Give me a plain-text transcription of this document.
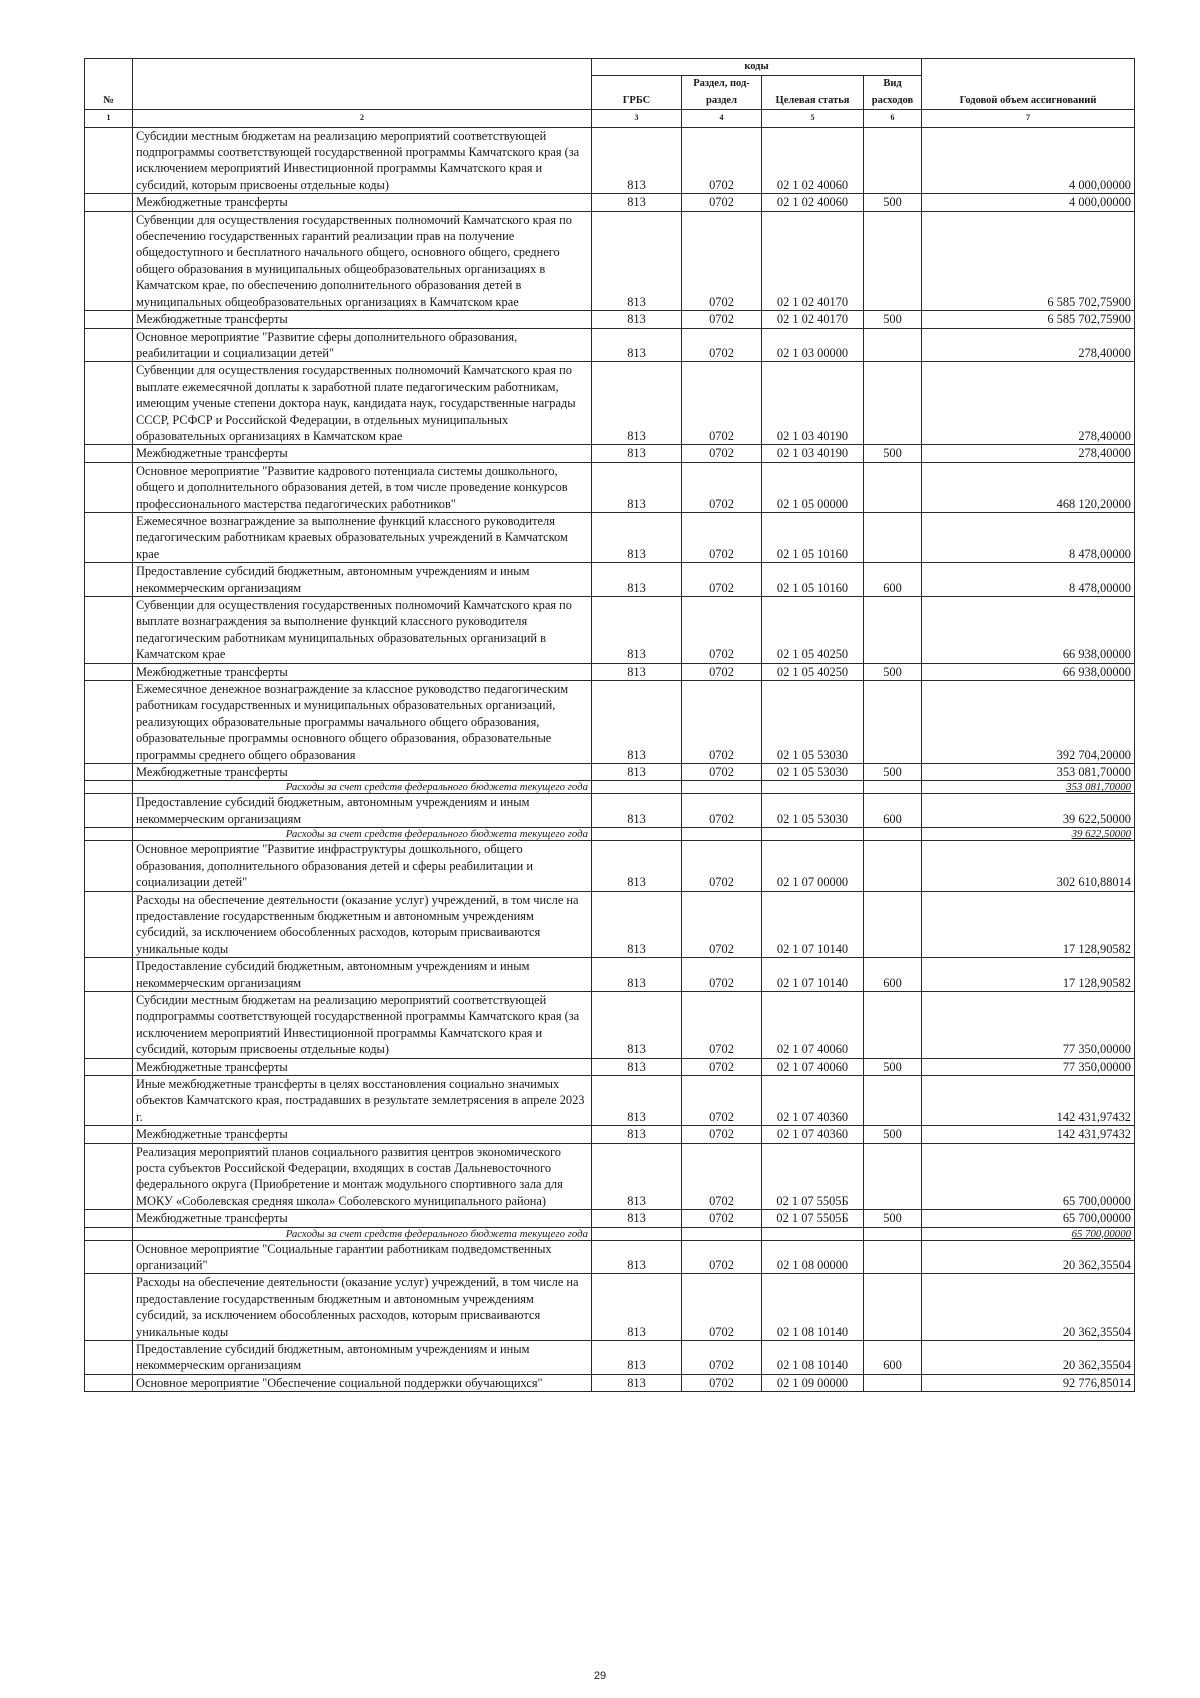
№		коды				Годовой объем ассигнований
		ГРБС	Раздел, под-раздел	Целевая статья	Вид расходов	
1	2	3	4	5	6	7
	Субсидии местным бюджетам на реализацию мероприятий соответствующей подпрограммы соответствующей государственной программы Камчатского края (за исключением мероприятий Инвестиционной программы Камчатского края и субсидий, которым присвоены отдельные коды)	813	0702	02 1 02 40060		4 000,00000
	Межбюджетные трансферты	813	0702	02 1 02 40060	500	4 000,00000
	Субвенции для осуществления государственных полномочий Камчатского края по обеспечению государственных гарантий реализации прав на получение общедоступного и бесплатного начального общего, основного общего, среднего общего образования в муниципальных общеобразовательных организациях в Камчатском крае, по обеспечению дополнительного образования детей в муниципальных общеобразовательных организациях в Камчатском крае	813	0702	02 1 02 40170		6 585 702,75900
	Межбюджетные трансферты	813	0702	02 1 02 40170	500	6 585 702,75900
	Основное мероприятие "Развитие сферы дополнительного образования, реабилитации и социализации детей"	813	0702	02 1 03 00000		278,40000
	Субвенции для осуществления государственных полномочий Камчатского края по выплате ежемесячной доплаты к заработной плате педагогическим работникам, имеющим ученые степени доктора наук, кандидата наук, государственные награды СССР, РСФСР и Российской Федерации, в отдельных муниципальных образовательных организациях в Камчатском крае	813	0702	02 1 03 40190		278,40000
	Межбюджетные трансферты	813	0702	02 1 03 40190	500	278,40000
	Основное мероприятие "Развитие кадрового потенциала системы дошкольного, общего и дополнительного образования детей, в том числе проведение конкурсов профессионального мастерства педагогических работников"	813	0702	02 1 05 00000		468 120,20000
	Ежемесячное вознаграждение за выполнение функций классного руководителя педагогическим работникам краевых образовательных учреждений в Камчатском крае	813	0702	02 1 05 10160		8 478,00000
	Предоставление субсидий бюджетным, автономным учреждениям и иным некоммерческим организациям	813	0702	02 1 05 10160	600	8 478,00000
	Субвенции для осуществления государственных полномочий Камчатского края по выплате вознаграждения за выполнение функций классного руководителя педагогическим работникам муниципальных образовательных организаций в Камчатском крае	813	0702	02 1 05 40250		66 938,00000
	Межбюджетные трансферты	813	0702	02 1 05 40250	500	66 938,00000
	Ежемесячное денежное вознаграждение за классное руководство педагогическим работникам государственных и муниципальных образовательных организаций, реализующих образовательные программы начального общего образования, образовательные программы основного общего образования, образовательные программы среднего общего образования	813	0702	02 1 05 53030		392 704,20000
	Межбюджетные трансферты	813	0702	02 1 05 53030	500	353 081,70000
	Расходы за счет средств федерального бюджета текущего года					353 081,70000
	Предоставление субсидий бюджетным, автономным учреждениям и иным некоммерческим организациям	813	0702	02 1 05 53030	600	39 622,50000
	Расходы за счет средств федерального бюджета текущего года					39 622,50000
	Основное мероприятие "Развитие инфраструктуры дошкольного, общего образования, дополнительного образования детей и сферы реабилитации и социализации детей"	813	0702	02 1 07 00000		302 610,88014
	Расходы на обеспечение деятельности (оказание услуг) учреждений, в том числе на предоставление государственным бюджетным и автономным учреждениям субсидий, за исключением обособленных расходов, которым присваиваются уникальные коды	813	0702	02 1 07 10140		17 128,90582
	Предоставление субсидий бюджетным, автономным учреждениям и иным некоммерческим организациям	813	0702	02 1 07 10140	600	17 128,90582
	Субсидии местным бюджетам на реализацию мероприятий соответствующей подпрограммы соответствующей государственной программы Камчатского края (за исключением мероприятий Инвестиционной программы Камчатского края и субсидий, которым присвоены отдельные коды)	813	0702	02 1 07 40060		77 350,00000
	Межбюджетные трансферты	813	0702	02 1 07 40060	500	77 350,00000
	Иные межбюджетные трансферты в целях восстановления социально значимых объектов Камчатского края, пострадавших в результате землетрясения в апреле 2023 г.	813	0702	02 1 07 40360		142 431,97432
	Межбюджетные трансферты	813	0702	02 1 07 40360	500	142 431,97432
	Реализация мероприятий планов социального развития центров экономического роста субъектов Российской Федерации, входящих в состав Дальневосточного федерального округа (Приобретение и монтаж модульного спортивного зала для МОКУ «Соболевская средняя школа» Соболевского муниципального района)	813	0702	02 1 07 5505Б		65 700,00000
	Межбюджетные трансферты	813	0702	02 1 07 5505Б	500	65 700,00000
	Расходы за счет средств федерального бюджета текущего года					65 700,00000
	Основное мероприятие "Социальные гарантии работникам подведомственных организаций"	813	0702	02 1 08 00000		20 362,35504
	Расходы на обеспечение деятельности (оказание услуг) учреждений, в том числе на предоставление государственным бюджетным и автономным учреждениям субсидий, за исключением обособленных расходов, которым присваиваются уникальные коды	813	0702	02 1 08 10140		20 362,35504
	Предоставление субсидий бюджетным, автономным учреждениям и иным некоммерческим организациям	813	0702	02 1 08 10140	600	20 362,35504
	Основное мероприятие "Обеспечение социальной поддержки обучающихся"	813	0702	02 1 09 00000		92 776,85014
29
